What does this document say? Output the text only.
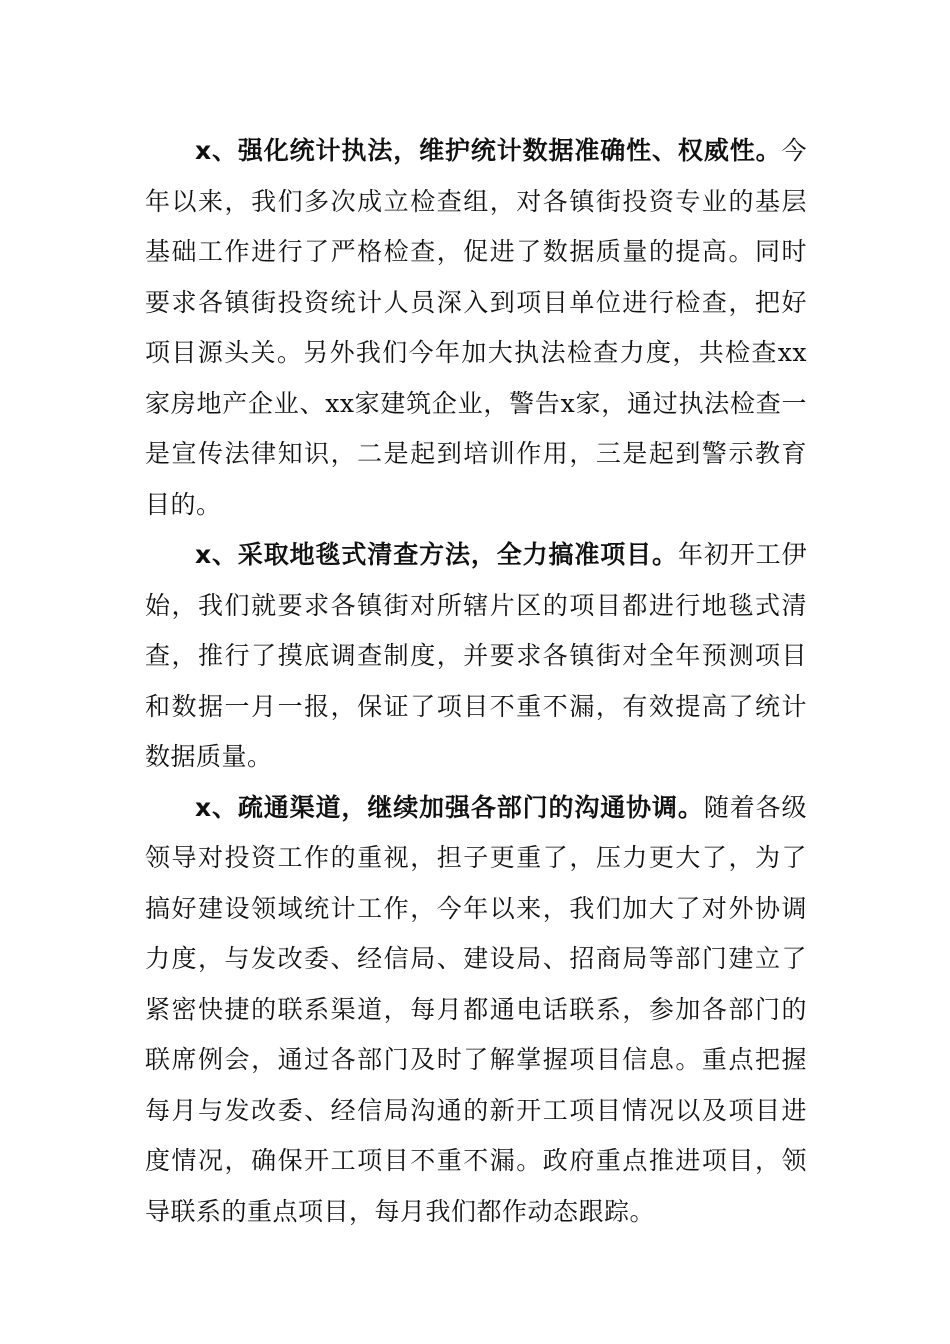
x、强化统计执法，维护统计数据准确性、权威性。今年以来，我们多次成立检查组，对各镇街投资专业的基层基础工作进行了严格检查，促进了数据质量的提高。同时要求各镇街投资统计人员深入到项目单位进行检查，把好项目源头关。另外我们今年加大执法检查力度，共检查xx家房地产企业、xx家建筑企业，警告x家，通过执法检查一是宣传法律知识，二是起到培训作用，三是起到警示教育目的。

x、采取地毯式清查方法，全力搞准项目。年初开工伊始，我们就要求各镇街对所辖片区的项目都进行地毯式清查，推行了摸底调查制度，并要求各镇街对全年预测项目和数据一月一报，保证了项目不重不漏，有效提高了统计数据质量。

x、疏通渠道，继续加强各部门的沟通协调。随着各级领导对投资工作的重视，担子更重了，压力更大了，为了搞好建设领域统计工作，今年以来，我们加大了对外协调力度，与发改委、经信局、建设局、招商局等部门建立了紧密快捷的联系渠道，每月都通电话联系，参加各部门的联席例会，通过各部门及时了解掌握项目信息。重点把握每月与发改委、经信局沟通的新开工项目情况以及项目进度情况，确保开工项目不重不漏。政府重点推进项目，领导联系的重点项目，每月我们都作动态跟踪。
